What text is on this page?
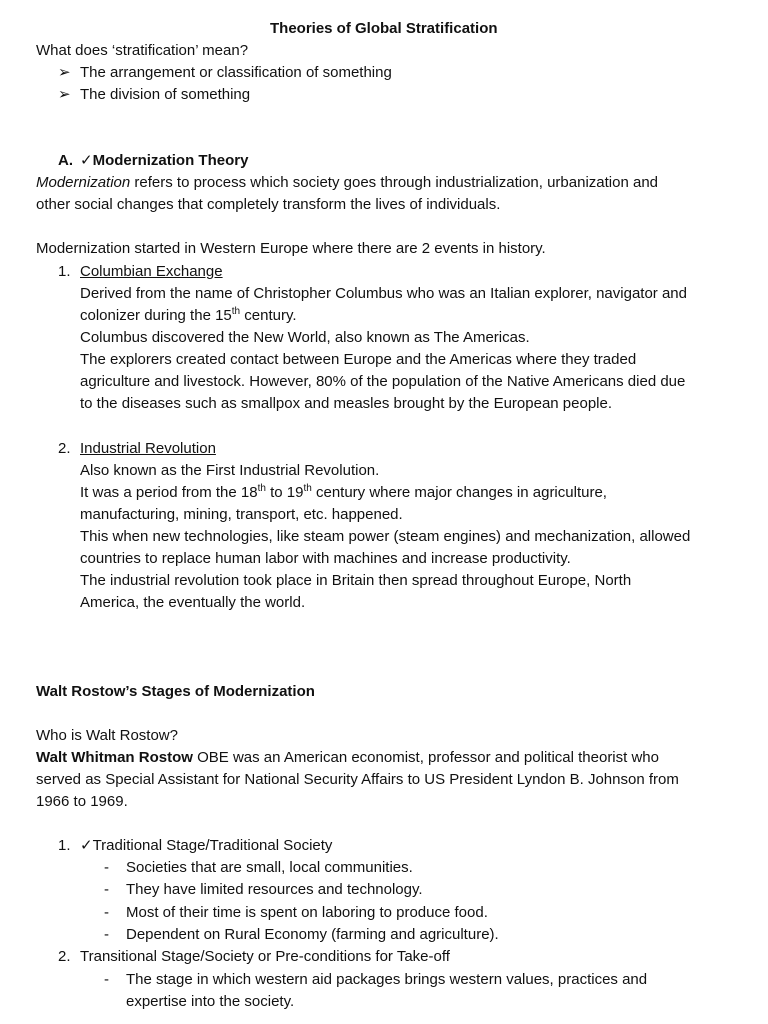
Theories of Global Stratification
What does ‘stratification’ mean?
➢ The arrangement or classification of something
➢ The division of something
A. ✓Modernization Theory
Modernization refers to process which society goes through industrialization, urbanization and
other social changes that completely transform the lives of individuals.
Modernization started in Western Europe where there are 2 events in history.
1. Columbian Exchange
Derived from the name of Christopher Columbus who was an Italian explorer, navigator and
colonizer during the 15th century.
Columbus discovered the New World, also known as The Americas.
The explorers created contact between Europe and the Americas where they traded
agriculture and livestock. However, 80% of the population of the Native Americans died due
to the diseases such as smallpox and measles brought by the European people.
2. Industrial Revolution
Also known as the First Industrial Revolution.
It was a period from the 18th to 19th century where major changes in agriculture,
manufacturing, mining, transport, etc. happened.
This when new technologies, like steam power (steam engines) and mechanization, allowed
countries to replace human labor with machines and increase productivity.
The industrial revolution took place in Britain then spread throughout Europe, North
America, the eventually the world.
Walt Rostow’s Stages of Modernization
Who is Walt Rostow?
Walt Whitman Rostow OBE was an American economist, professor and political theorist who
served as Special Assistant for National Security Affairs to US President Lyndon B. Johnson from
1966 to 1969.
1. ✓Traditional Stage/Traditional Society
- Societies that are small, local communities.
- They have limited resources and technology.
- Most of their time is spent on laboring to produce food.
- Dependent on Rural Economy (farming and agriculture).
2. Transitional Stage/Society or Pre-conditions for Take-off
- The stage in which western aid packages brings western values, practices and
expertise into the society.
